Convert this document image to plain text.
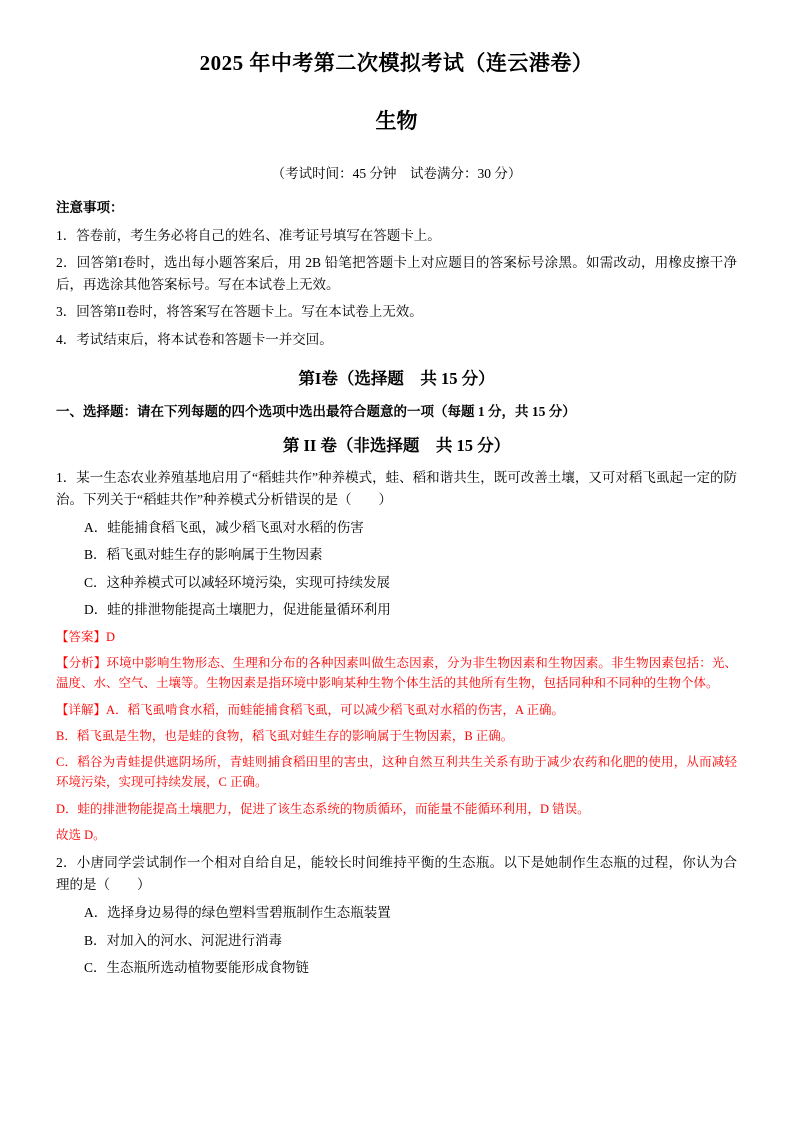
2025 年中考第二次模拟考试（连云港卷）
生物
（考试时间：45 分钟　试卷满分：30 分）
注意事项：
1．答卷前，考生务必将自己的姓名、准考证号填写在答题卡上。
2．回答第I卷时，选出每小题答案后，用 2B 铅笔把答题卡上对应题目的答案标号涂黑。如需改动，用橡皮擦干净后，再选涂其他答案标号。写在本试卷上无效。
3．回答第II卷时，将答案写在答题卡上。写在本试卷上无效。
4．考试结束后，将本试卷和答题卡一并交回。
第I卷（选择题　共 15 分）
一、选择题：请在下列每题的四个选项中选出最符合题意的一项（每题 1 分，共 15 分）
第 II 卷（非选择题　共 15 分）
1．某一生态农业养殖基地启用了“稻蛙共作”种养模式，蛙、稻和谐共生，既可改善土壤，又可对稻飞虱起一定的防治。下列关于“稻蛙共作”种养模式分析错误的是（　　）
A．蛙能捕食稻飞虱，减少稻飞虱对水稻的伤害
B．稻飞虱对蛙生存的影响属于生物因素
C．这种养模式可以减轻环境污染，实现可持续发展
D．蛙的排泄物能提高土壤肥力，促进能量循环利用
【答案】D
【分析】环境中影响生物形态、生理和分布的各种因素叫做生态因素，分为非生物因素和生物因素。非生物因素包括：光、温度、水、空气、土壤等。生物因素是指环境中影响某种生物个体生活的其他所有生物，包括同种和不同种的生物个体。
【详解】A．稻飞虱啃食水稻，而蛙能捕食稻飞虱，可以减少稻飞虱对水稻的伤害，A 正确。
B．稻飞虱是生物，也是蛙的食物，稻飞虱对蛙生存的影响属于生物因素，B 正确。
C．稻谷为青蛙提供遮阴场所，青蛙则捕食稻田里的害虫，这种自然互利共生关系有助于减少农药和化肥的使用，从而减轻环境污染，实现可持续发展，C 正确。
D．蛙的排泄物能提高土壤肥力，促进了该生态系统的物质循环，而能量不能循环利用，D 错误。
故选 D。
2．小唐同学尝试制作一个相对自给自足，能较长时间维持平衡的生态瓶。以下是她制作生态瓶的过程，你认为合理的是（　　）
A．选择身边易得的绿色塑料雪碧瓶制作生态瓶装置
B．对加入的河水、河泥进行消毒
C．生态瓶所选动植物要能形成食物链
